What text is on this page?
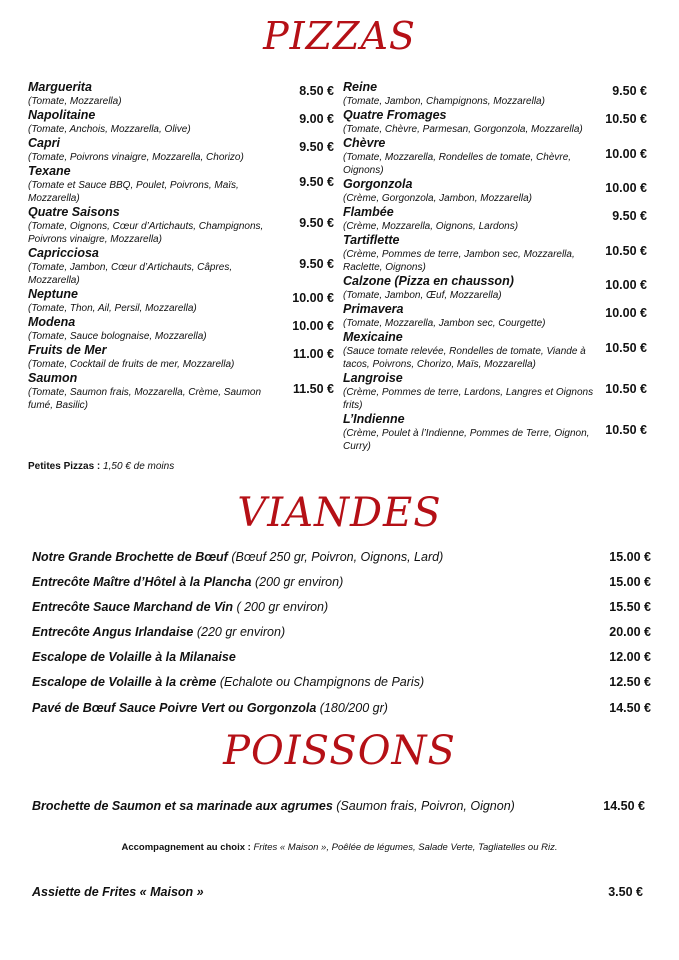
PIZZAS
Marguerita
(Tomate, Mozzarella)
8.50 €
Napolitaine
(Tomate, Anchois, Mozzarella, Olive)
9.00 €
Capri
(Tomate, Poivrons vinaigre, Mozzarella, Chorizo)
9.50 €
Texane
(Tomate et Sauce BBQ, Poulet, Poivrons, Maïs, Mozzarella)
9.50 €
Quatre Saisons
(Tomate, Oignons, Cœur d’Artichauts, Champignons, Poivrons vinaigre, Mozzarella)
9.50 €
Capricciosa
(Tomate, Jambon, Cœur d’Artichauts, Câpres, Mozzarella)
9.50 €
Neptune
(Tomate, Thon, Ail, Persil, Mozzarella)
10.00 €
Modena
(Tomate, Sauce bolognaise, Mozzarella)
10.00 €
Fruits de Mer
(Tomate, Cocktail de fruits de mer, Mozzarella)
11.00 €
Saumon
(Tomate, Saumon frais, Mozzarella, Crème, Saumon fumé, Basilic)
11.50 €
Reine
(Tomate, Jambon, Champignons, Mozzarella)
9.50 €
Quatre Fromages
(Tomate, Chèvre, Parmesan, Gorgonzola, Mozzarella)
10.50 €
Chèvre
(Tomate, Mozzarella, Rondelles de tomate, Chèvre, Oignons)
10.00 €
Gorgonzola
(Crème, Gorgonzola, Jambon, Mozzarella)
10.00 €
Flambée
(Crème, Mozzarella, Oignons, Lardons)
9.50 €
Tartiflette
(Crème, Pommes de terre, Jambon sec, Mozzarella, Raclette, Oignons)
10.50 €
Calzone (Pizza en chausson)
(Tomate, Jambon, Œuf, Mozzarella)
10.00 €
Primavera
(Tomate, Mozzarella, Jambon sec, Courgette)
10.00 €
Mexicaine
(Sauce tomate relevée, Rondelles de tomate, Viande à tacos, Poivrons, Chorizo, Maïs, Mozzarella)
10.50 €
Langroise
(Crème, Pommes de terre, Lardons, Langres et Oignons frits)
10.50 €
L’Indienne
(Crème, Poulet à l’Indienne, Pommes de Terre, Oignon, Curry)
10.50 €
Petites Pizzas : 1,50 € de moins
VIANDES
Notre Grande Brochette de Bœuf (Bœuf 250 gr, Poivron, Oignons, Lard)	15.00 €
Entrecôte Maître d’Hôtel à la Plancha (200 gr environ)	15.00 €
Entrecôte Sauce Marchand de Vin ( 200 gr environ)	15.50 €
Entrecôte Angus Irlandaise (220 gr environ)	20.00 €
Escalope de Volaille à la Milanaise	12.00 €
Escalope de Volaille à la crème (Echalote ou Champignons de Paris)	12.50 €
Pavé de Bœuf Sauce Poivre Vert ou Gorgonzola (180/200 gr)	14.50 €
POISSONS
Brochette de Saumon et sa marinade aux agrumes (Saumon frais, Poivron, Oignon)	14.50 €
Accompagnement au choix : Frites « Maison », Poêlée de légumes, Salade Verte, Tagliatelles ou Riz.
Assiette de Frites « Maison »	3.50 €
